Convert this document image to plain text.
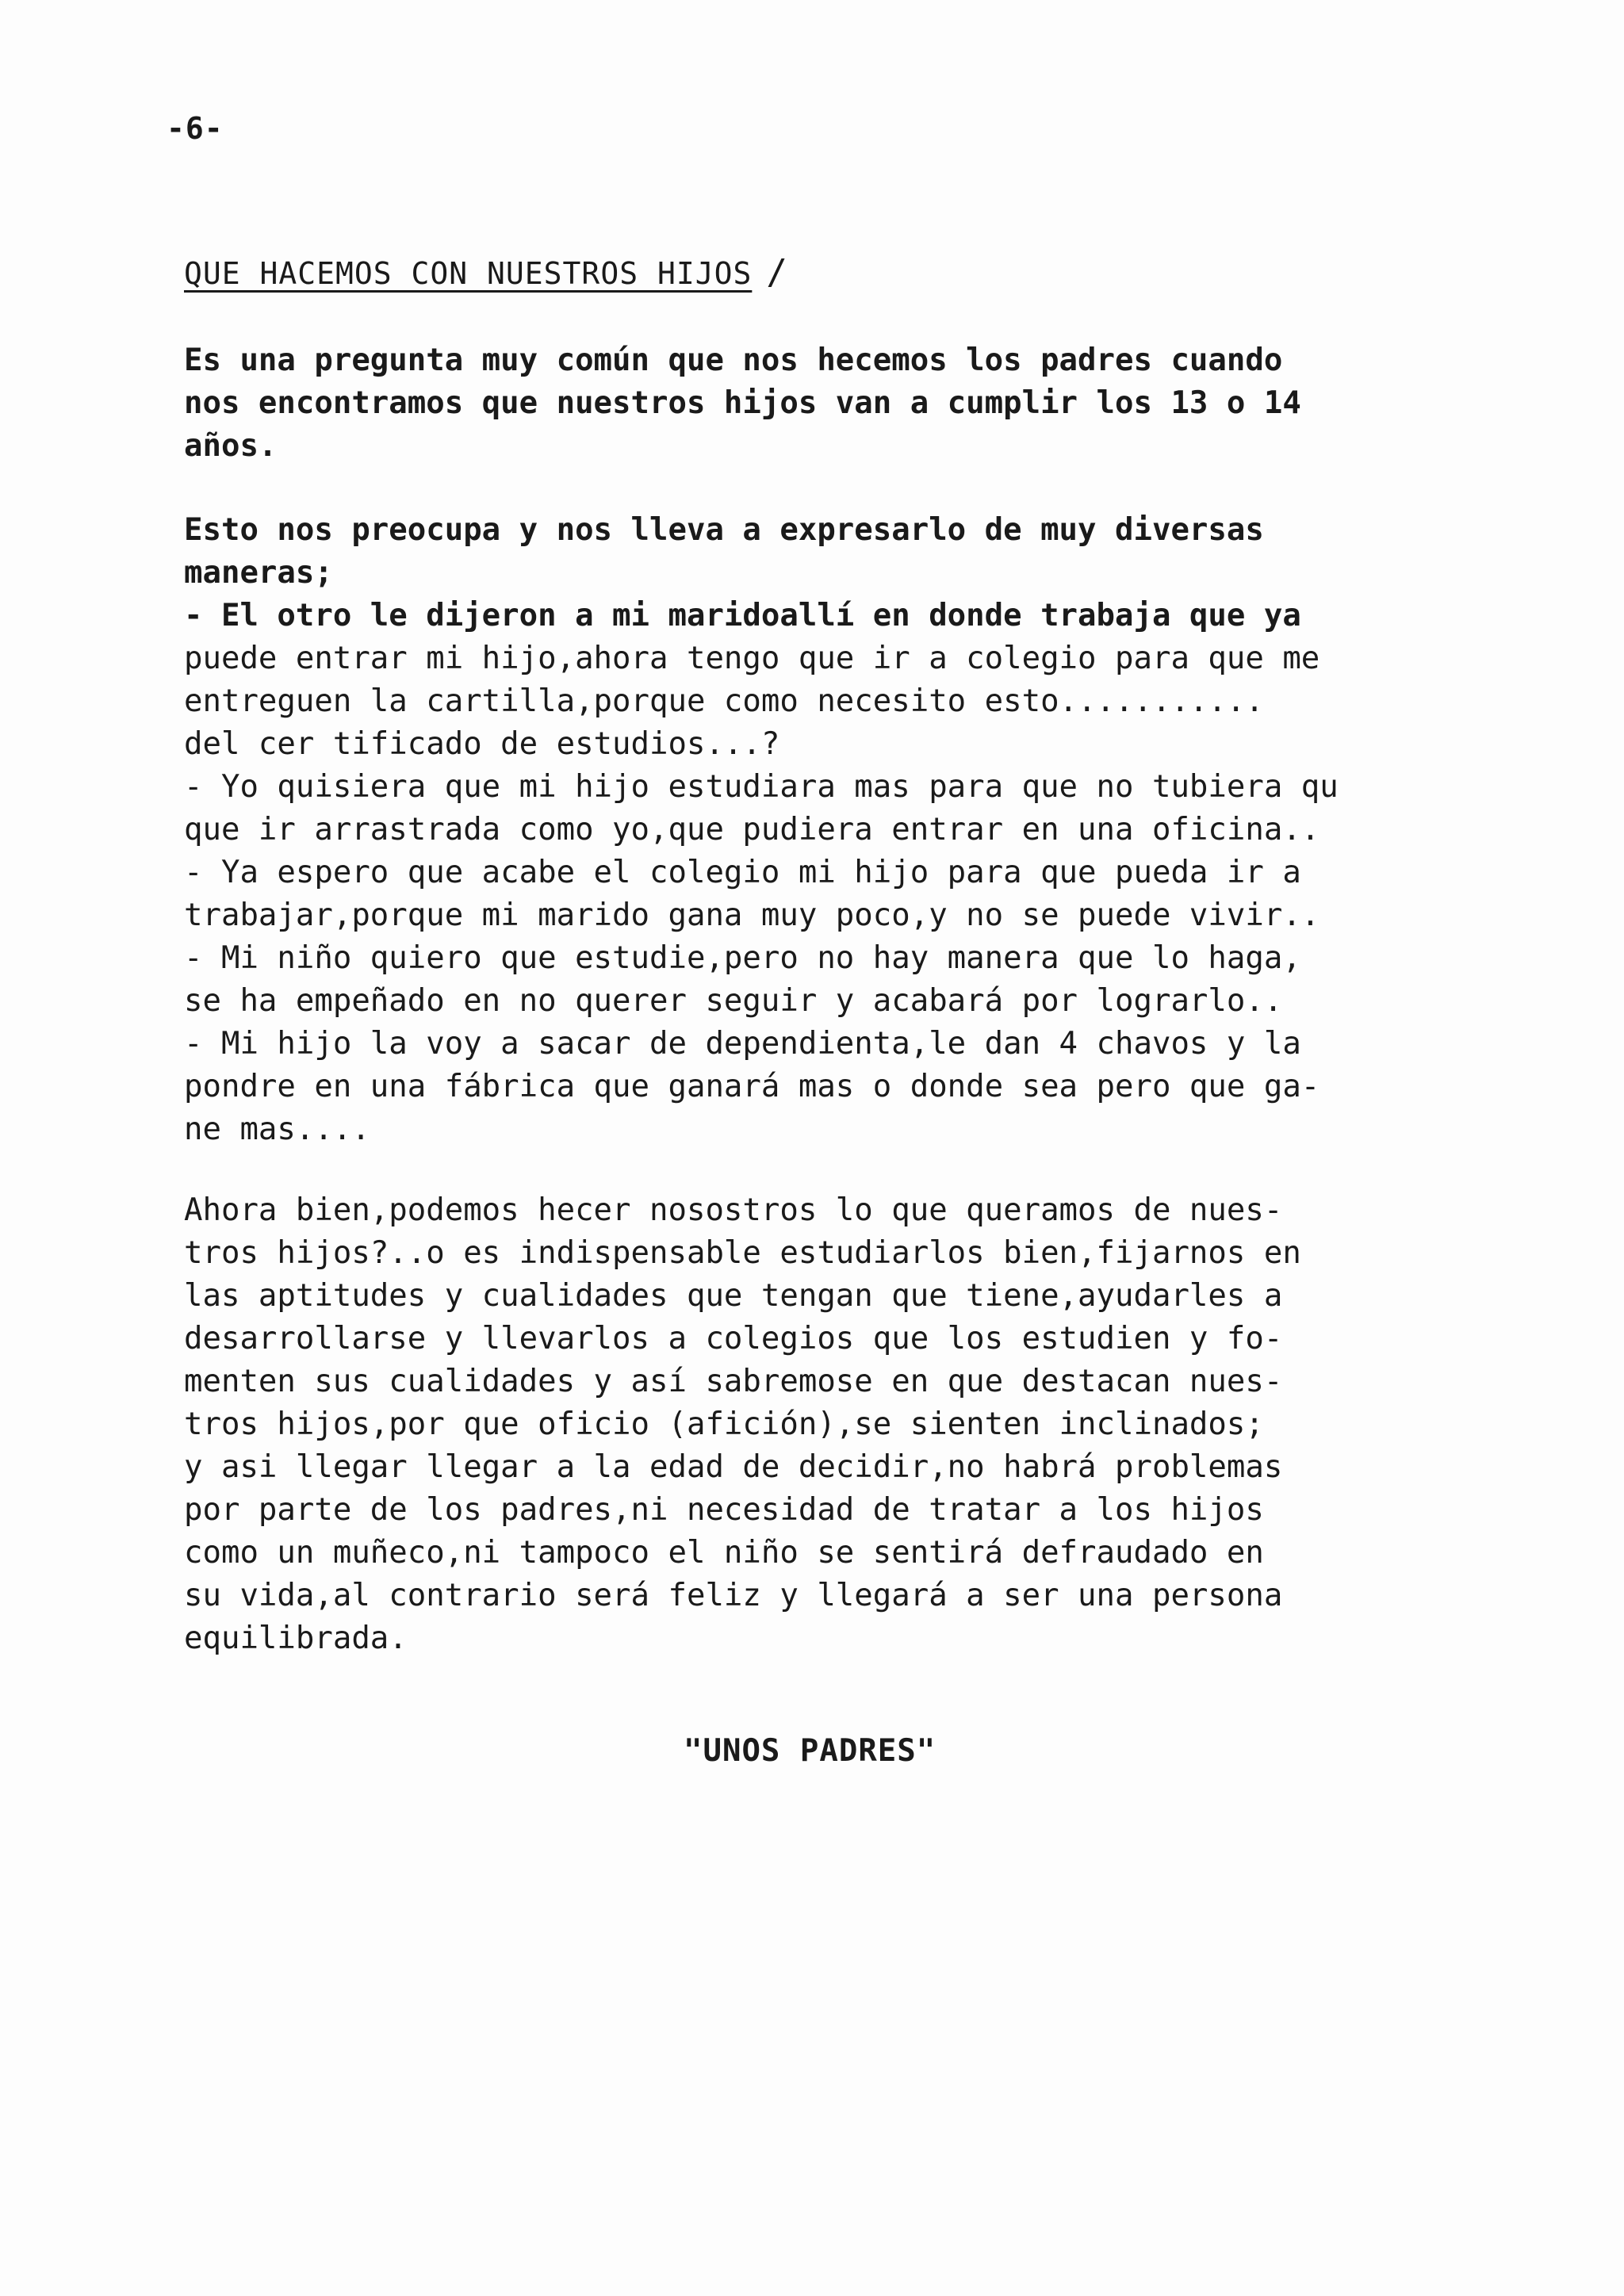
-6-
QUE HACEMOS CON NUESTROS HIJOS /
Es una pregunta muy común que nos hecemos los padres cuando
nos encontramos que nuestros hijos van a cumplir los 13 o 14
años.
Esto nos preocupa y nos lleva a expresarlo de muy diversas
maneras;
- El otro le dijeron a mi maridoallí en donde trabaja que ya
puede entrar mi hijo,ahora tengo que ir a colegio para que me
entreguen la cartilla,porque como necesito esto...........
del cer tificado de estudios...?
- Yo quisiera que mi hijo estudiara mas para que no tubiera qu
que ir arrastrada como yo,que pudiera entrar en una oficina..
- Ya espero que acabe el colegio mi hijo para que pueda ir a
trabajar,porque mi marido gana muy poco,y no se puede vivir..
- Mi niño quiero que estudie,pero no hay manera que lo haga,
se ha empeñado en no querer seguir y acabará por lograrlo..
- Mi hijo la voy a sacar de dependienta,le dan 4 chavos y la
pondre en una fábrica que ganará mas o donde sea pero que ga-
ne mas....
Ahora bien,podemos hecer nosostros lo que queramos de nues-
tros hijos?..o es indispensable estudiarlos bien,fijarnos en
las aptitudes y cualidades que tengan que tiene,ayudarles a
desarrollarse y llevarlos a colegios que los estudien y fo-
menten sus cualidades y así sabremose en que destacan nues-
tros hijos,por que oficio (afición),se sienten inclinados;
y asi llegar llegar a la edad de decidir,no habrá problemas
por parte de los padres,ni necesidad de tratar a los hijos
como un muñeco,ni tampoco el niño se sentirá defraudado en
su vida,al contrario será feliz y llegará a ser una persona
equilibrada.
"UNOS PADRES"
